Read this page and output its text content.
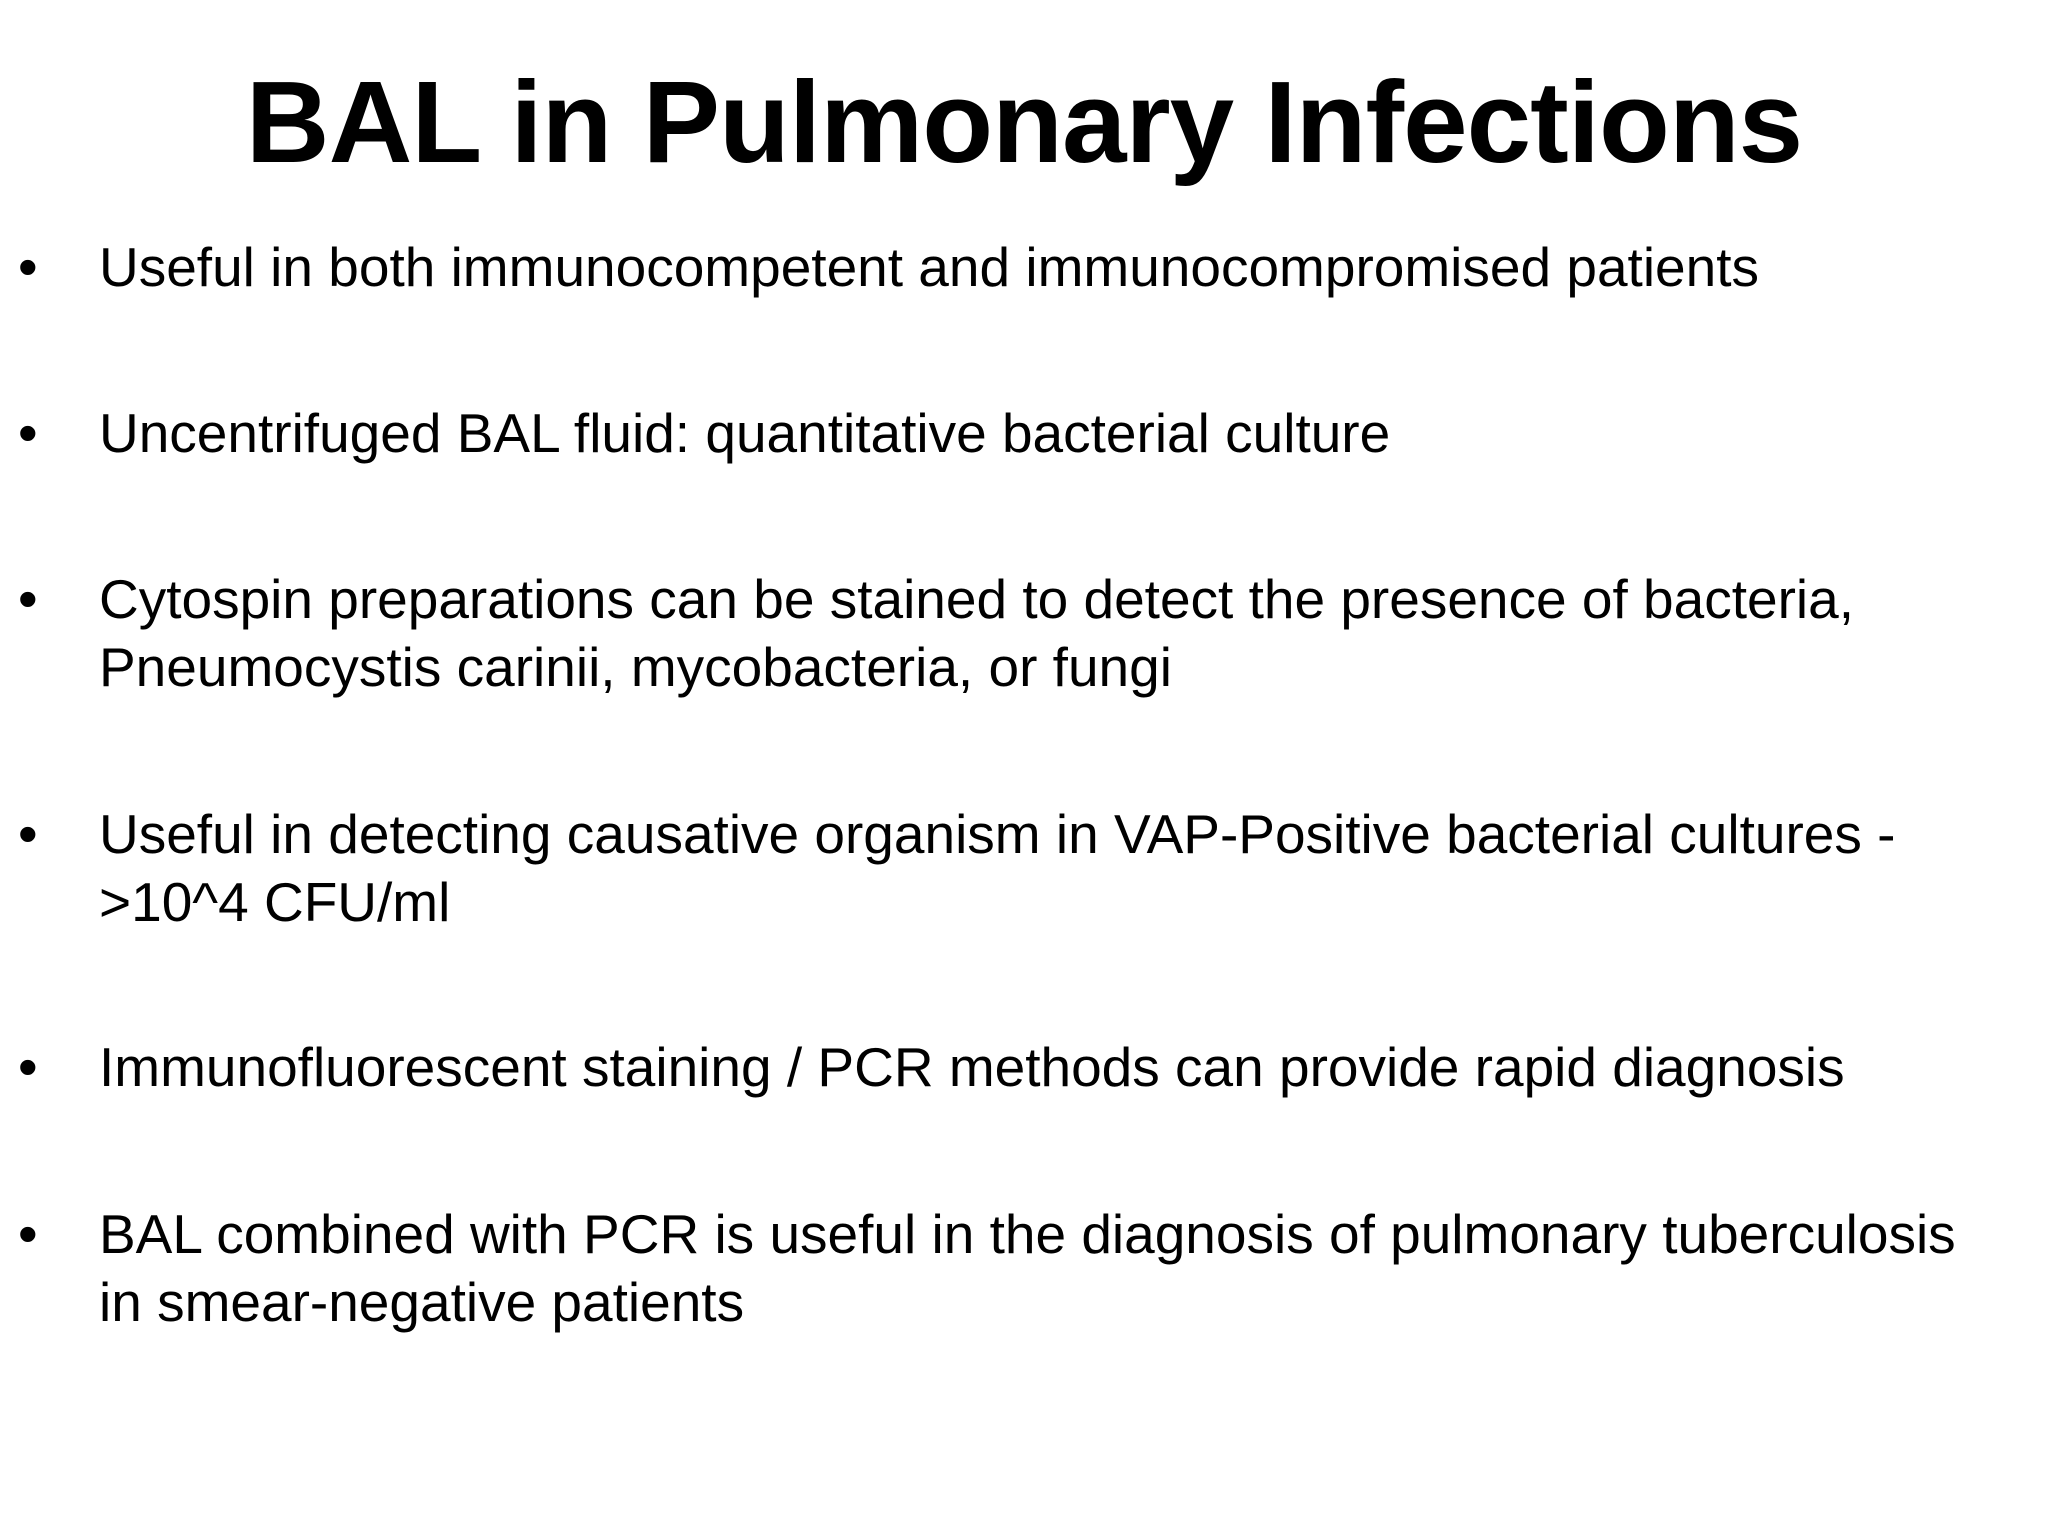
BAL in Pulmonary Infections
• Useful in both immunocompetent and immunocompromised patients
• Uncentrifuged BAL fluid: quantitative bacterial culture
• Cytospin preparations can be stained to detect the presence of bacteria,
Pneumocystis carinii, mycobacteria, or fungi
• Useful in detecting causative organism in VAP-Positive bacterial cultures -
>10^4 CFU/ml
• Immunofluorescent staining / PCR methods can provide rapid diagnosis
• BAL combined with PCR is useful in the diagnosis of pulmonary tuberculosis
in smear-negative patients
